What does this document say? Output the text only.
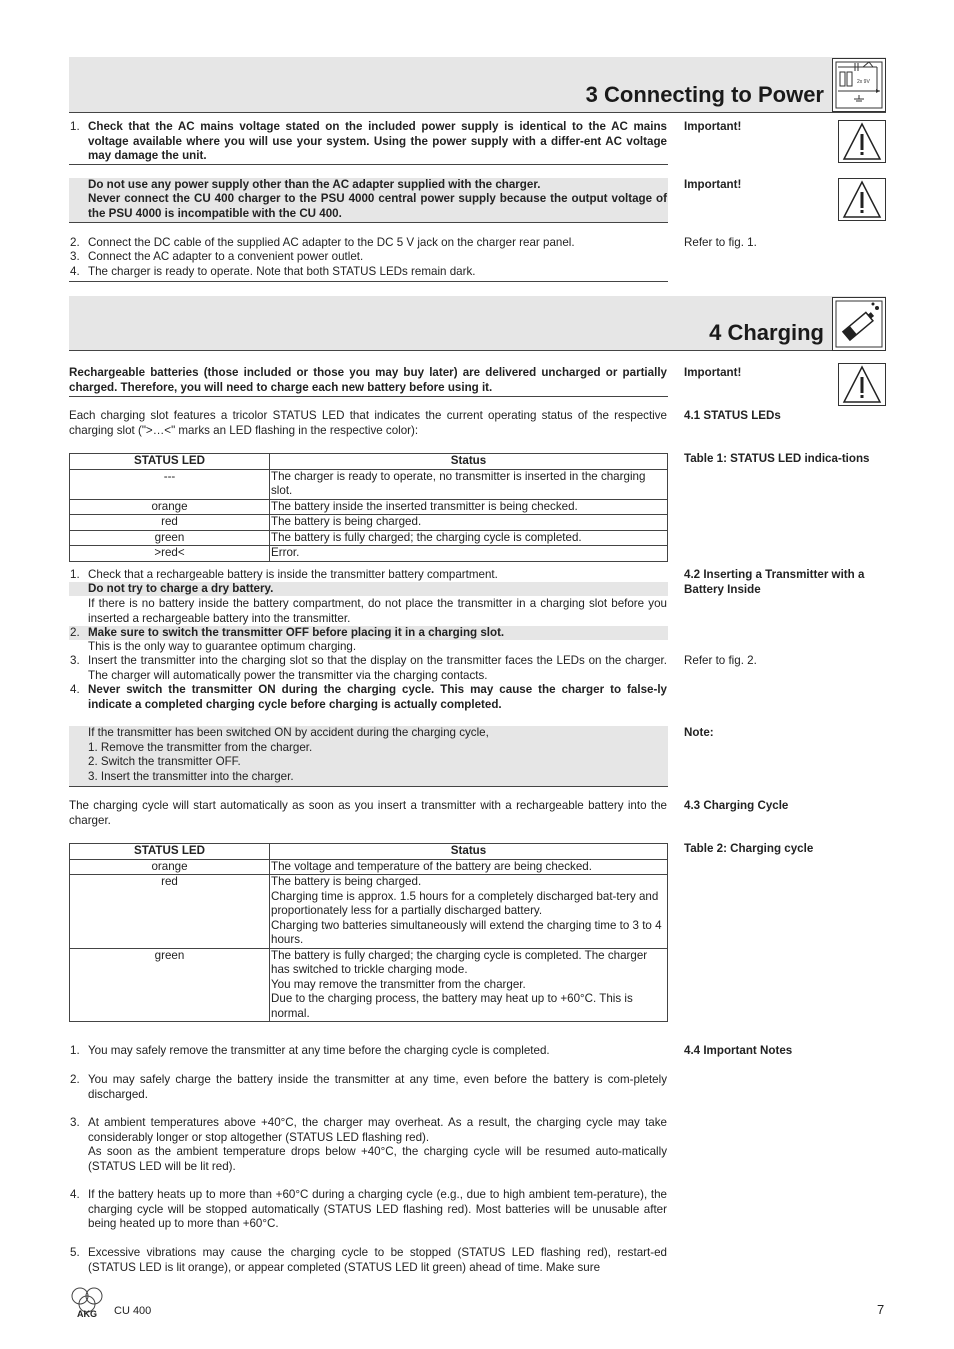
3 Connecting to Power	2x 9V
1. Check that the AC mains voltage stated on the included power supply is identical to the AC mains voltage available where you will use your system. Using the power supply with a differ-ent AC voltage may damage the unit.
Important!
Do not use any power supply other than the AC adapter supplied with the charger.
Never connect the CU 400 charger to the PSU 4000 central power supply because the output voltage of the PSU 4000 is incompatible with the CU 400.
Important!
2. Connect the DC cable of the supplied AC adapter to the DC 5 V jack on the charger rear panel.
3. Connect the AC adapter to a convenient power outlet.
4. The charger is ready to operate. Note that both STATUS LEDs remain dark.
Refer to fig. 1.
4 Charging
Rechargeable batteries (those included or those you may buy later) are delivered uncharged or partially charged. Therefore, you will need to charge each new battery before using it.
Important!
Each charging slot features a tricolor STATUS LED that indicates the current operating status of the respective charging slot (">…<" marks an LED flashing in the respective color):
4.1 STATUS LEDs
Table 1: STATUS LED indica-tions
STATUS LED	Status
---	The charger is ready to operate, no transmitter is inserted in the charging slot.
orange	The battery inside the inserted transmitter is being checked.
red	The battery is being charged.
green	The battery is fully charged; the charging cycle is completed.
>red<	Error.
4.2 Inserting a Transmitter with a Battery Inside
1. Check that a rechargeable battery is inside the transmitter battery compartment.
Do not try to charge a dry battery.
If there is no battery inside the battery compartment, do not place the transmitter in a charging slot before you inserted a rechargeable battery into the transmitter.
2. Make sure to switch the transmitter OFF before placing it in a charging slot.
This is the only way to guarantee optimum charging.
3. Insert the transmitter into the charging slot so that the display on the transmitter faces the LEDs on the charger. The charger will automatically power the transmitter via the charging contacts.
Refer to fig. 2.
4. Never switch the transmitter ON during the charging cycle. This may cause the charger to false-ly indicate a completed charging cycle before charging is actually completed.
If the transmitter has been switched ON by accident during the charging cycle,
1. Remove the transmitter from the charger.
2. Switch the transmitter OFF.
3. Insert the transmitter into the charger.
Note:
The charging cycle will start automatically as soon as you insert a transmitter with a rechargeable battery into the charger.
4.3 Charging Cycle
Table 2: Charging cycle
STATUS LED	Status
orange	The voltage and temperature of the battery are being checked.
red	The battery is being charged.
Charging time is approx. 1.5 hours for a completely discharged bat-tery and proportionately less for a partially discharged battery.
Charging two batteries simultaneously will extend the charging time to 3 to 4 hours.
green	The battery is fully charged; the charging cycle is completed. The charger has switched to trickle charging mode.
You may remove the transmitter from the charger.
Due to the charging process, the battery may heat up to +60°C. This is normal.
4.4 Important Notes
1. You may safely remove the transmitter at any time before the charging cycle is completed.
2. You may safely charge the battery inside the transmitter at any time, even before the battery is com-pletely discharged.
3. At ambient temperatures above +40°C, the charger may overheat. As a result, the charging cycle may take considerably longer or stop altogether (STATUS LED flashing red).
As soon as the ambient temperature drops below +40°C, the charging cycle will be resumed auto-matically (STATUS LED will be lit red).
4. If the battery heats up to more than +60°C during a charging cycle (e.g., due to high ambient tem-perature), the charging cycle will be stopped automatically (STATUS LED flashing red). Most batteries will be unusable after being heated up to more than +60°C.
5. Excessive vibrations may cause the charging cycle to be stopped (STATUS LED flashing red), restart-ed (STATUS LED is lit orange), or appear completed (STATUS LED lit green) ahead of time. Make sure
AKG CU 400	7
